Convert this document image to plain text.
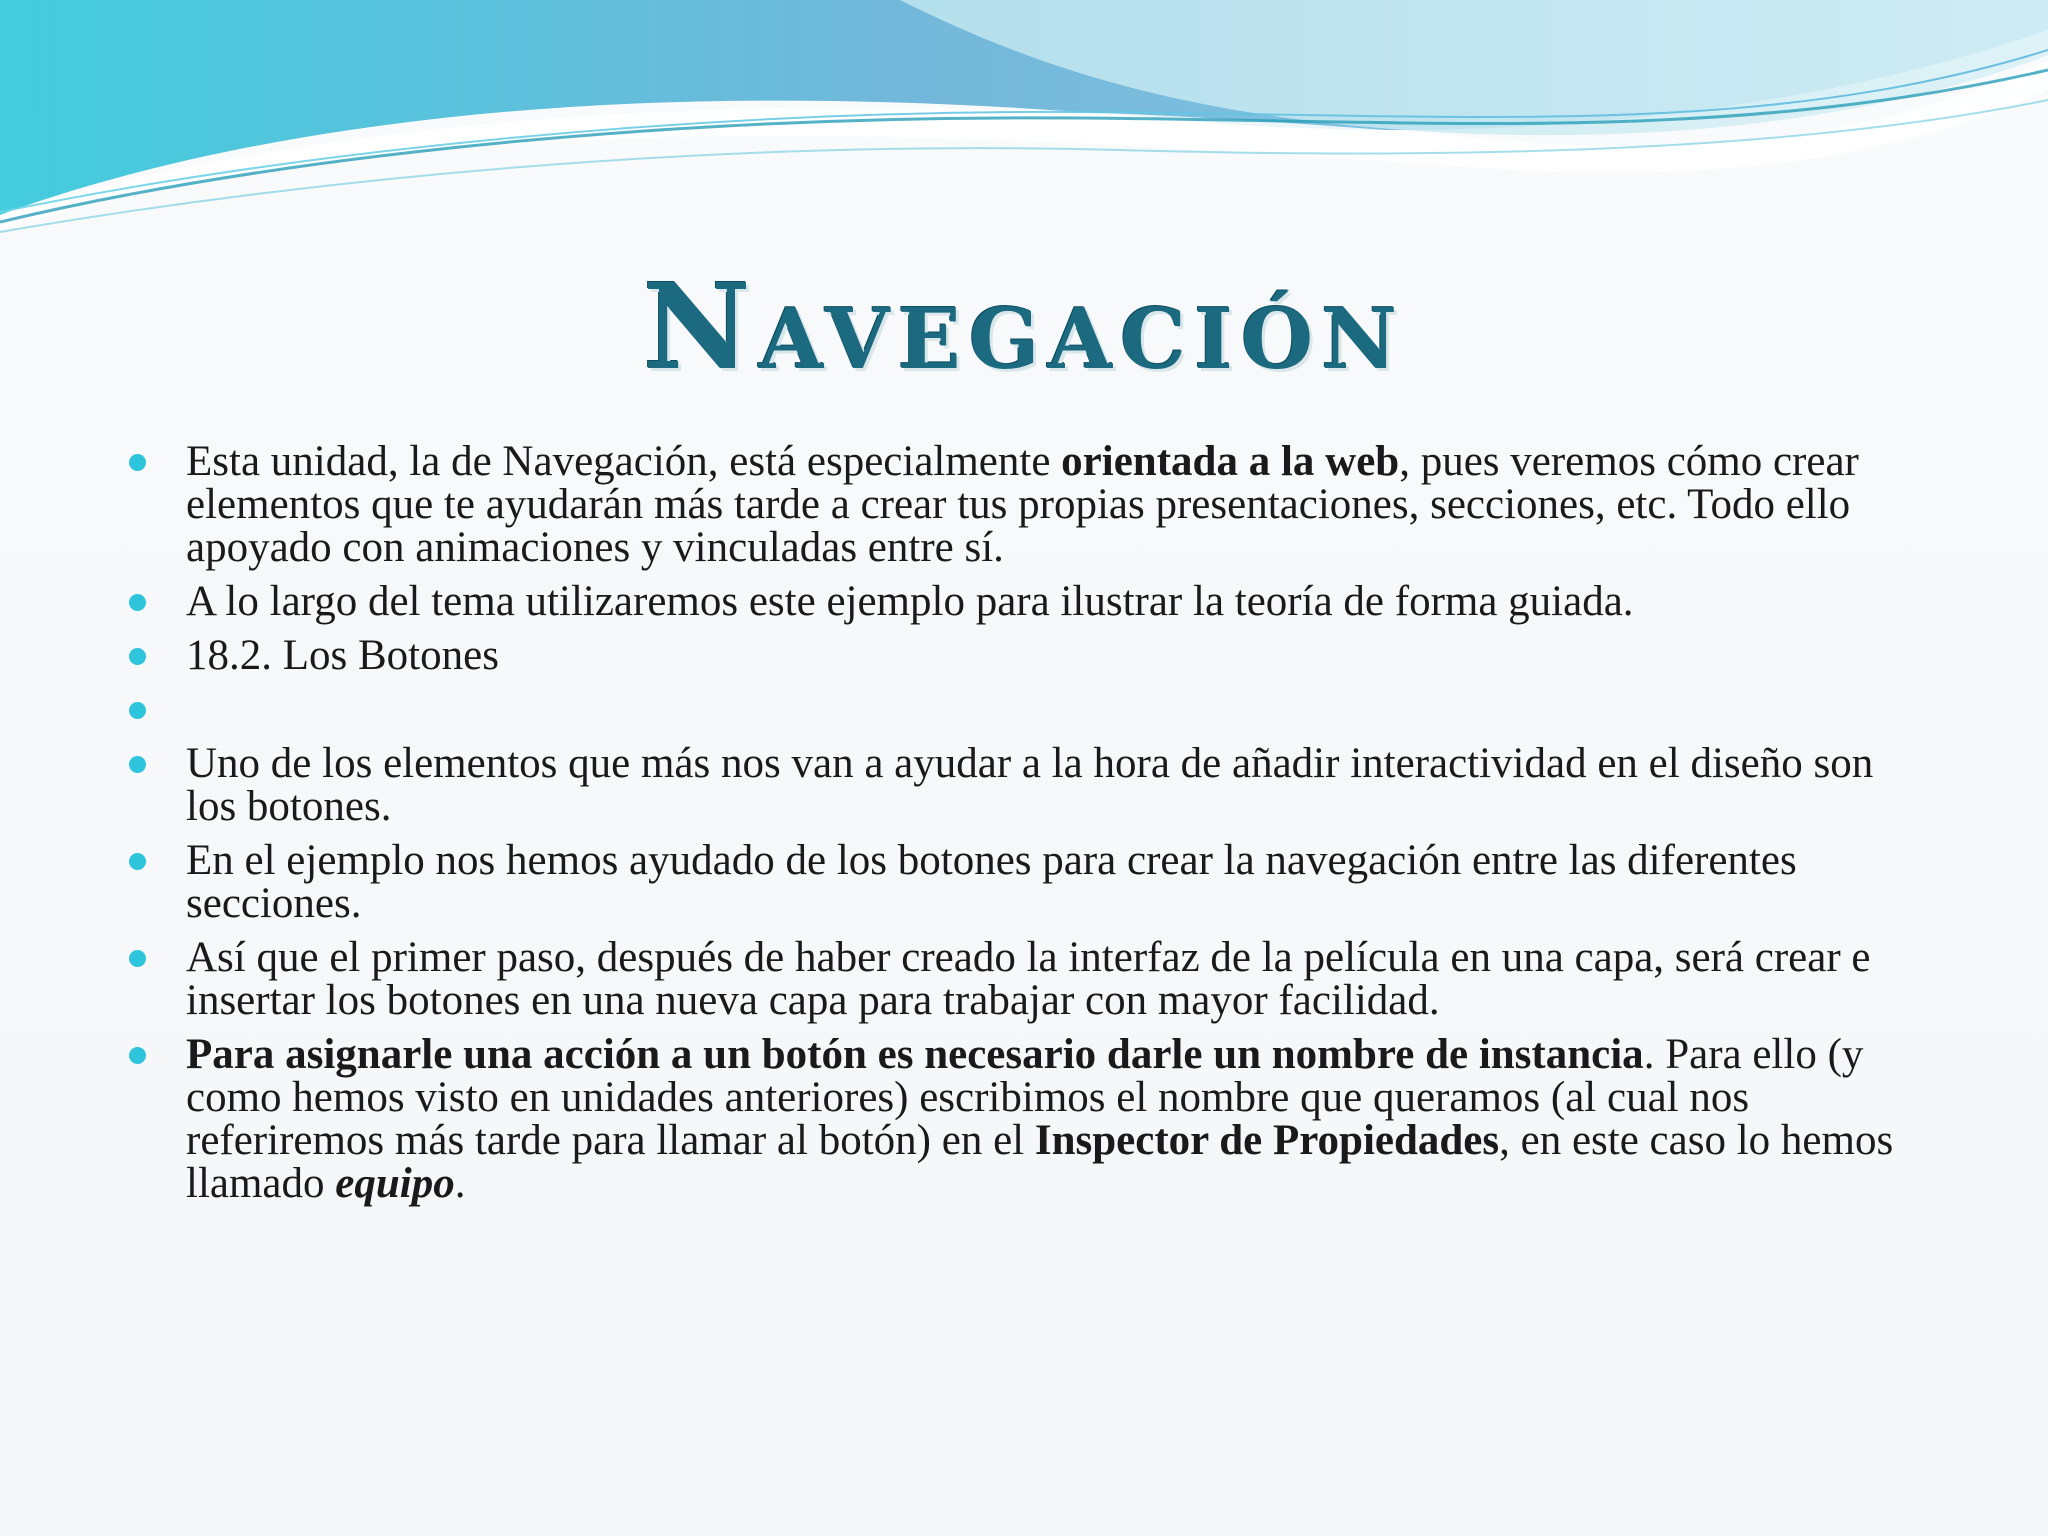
Navegación
Esta unidad, la de Navegación, está especialmente orientada a la web, pues veremos cómo crear elementos que te ayudarán más tarde a crear tus propias presentaciones, secciones, etc. Todo ello apoyado con animaciones y vinculadas entre sí.
A lo largo del tema utilizaremos este ejemplo para ilustrar la teoría de forma guiada.
18.2. Los Botones
Uno de los elementos que más nos van a ayudar a la hora de añadir interactividad en el diseño son los botones.
En el ejemplo nos hemos ayudado de los botones para crear la navegación entre las diferentes secciones.
Así que el primer paso, después de haber creado la interfaz de la película en una capa, será crear e insertar los botones en una nueva capa para trabajar con mayor facilidad.
Para asignarle una acción a un botón es necesario darle un nombre de instancia. Para ello (y como hemos visto en unidades anteriores) escribimos el nombre que queramos (al cual nos referiremos más tarde para llamar al botón) en el Inspector de Propiedades, en este caso lo hemos llamado equipo.
